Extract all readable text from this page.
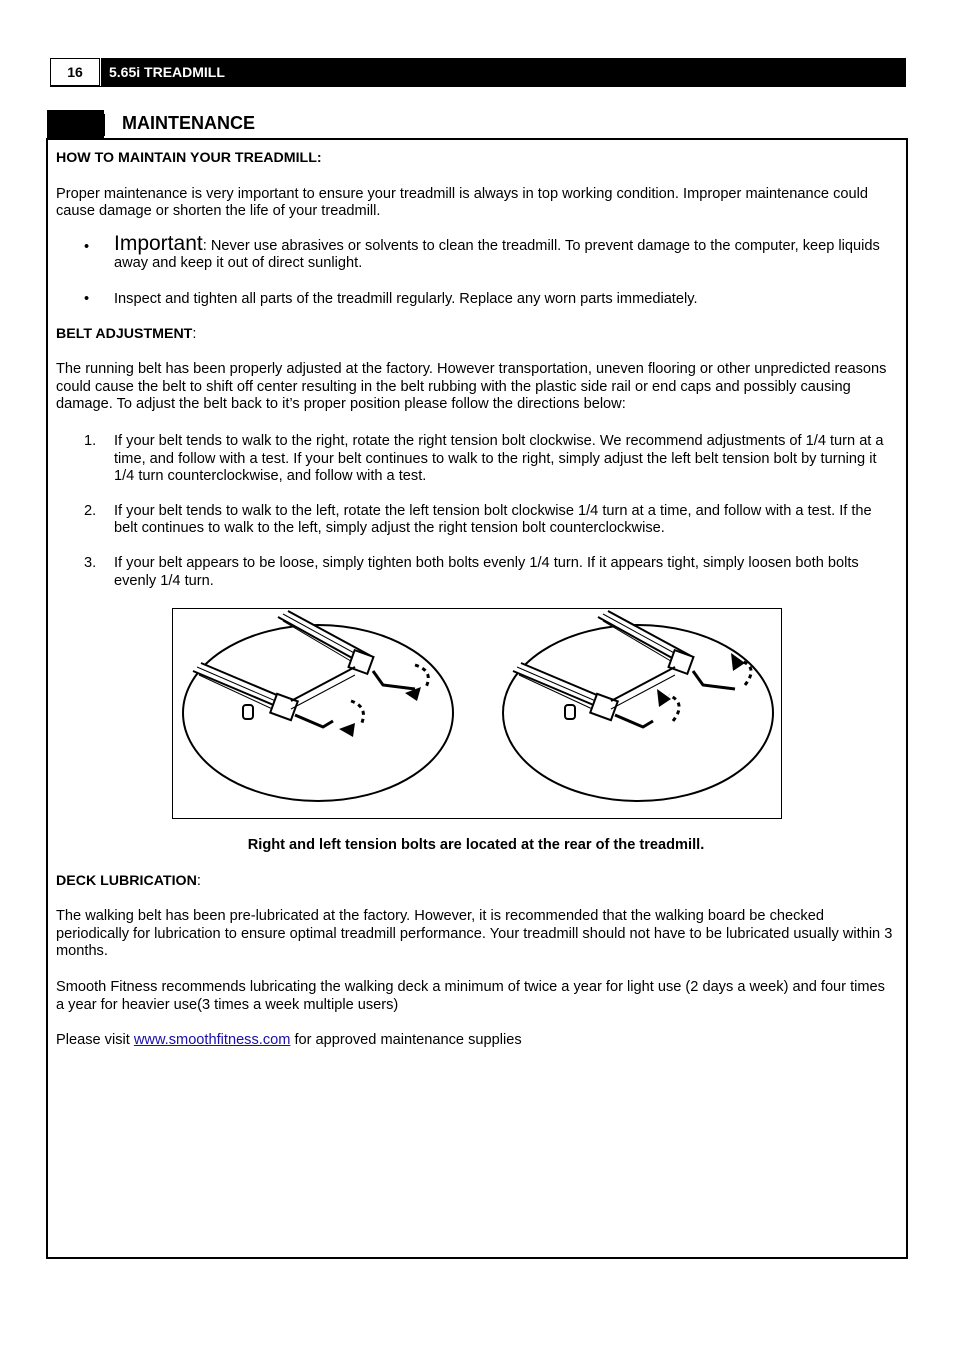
16	5.65i TREADMILL
MAINTENANCE

HOW TO MAINTAIN YOUR TREADMILL:

Proper maintenance is very important to ensure your treadmill is always in top working condition. Improper maintenance could cause damage or shorten the life of your treadmill.

• Important: Never use abrasives or solvents to clean the treadmill. To prevent damage to the computer, keep liquids away and keep it out of direct sunlight.
• Inspect and tighten all parts of the treadmill regularly. Replace any worn parts immediately.

BELT ADJUSTMENT:

The running belt has been properly adjusted at the factory. However transportation, uneven flooring or other unpredicted reasons could cause the belt to shift off center resulting in the belt rubbing with the plastic side rail or end caps and possibly causing damage. To adjust the belt back to it’s proper position please follow the directions below:

1. If your belt tends to walk to the right, rotate the right tension bolt clockwise. We recommend adjustments of 1/4 turn at a time, and follow with a test. If your belt continues to walk to the right, simply adjust the left belt tension bolt by turning it 1/4 turn counterclockwise, and follow with a test.
2. If your belt tends to walk to the left, rotate the left tension bolt clockwise 1/4 turn at a time, and follow with a test. If the belt continues to walk to the left, simply adjust the right tension bolt counterclockwise.
3. If your belt appears to be loose, simply tighten both bolts evenly 1/4 turn. If it appears tight, simply loosen both bolts evenly 1/4 turn.

Right and left tension bolts are located at the rear of the treadmill.

DECK LUBRICATION:

The walking belt has been pre-lubricated at the factory. However, it is recommended that the walking board be checked periodically for lubrication to ensure optimal treadmill performance. Your treadmill should not have to be lubricated usually within 3 months.

Smooth Fitness recommends lubricating the walking deck a minimum of twice a year for light use (2 days a week) and four times a year for heavier use(3 times a week multiple users)

Please visit www.smoothfitness.com for approved maintenance supplies
